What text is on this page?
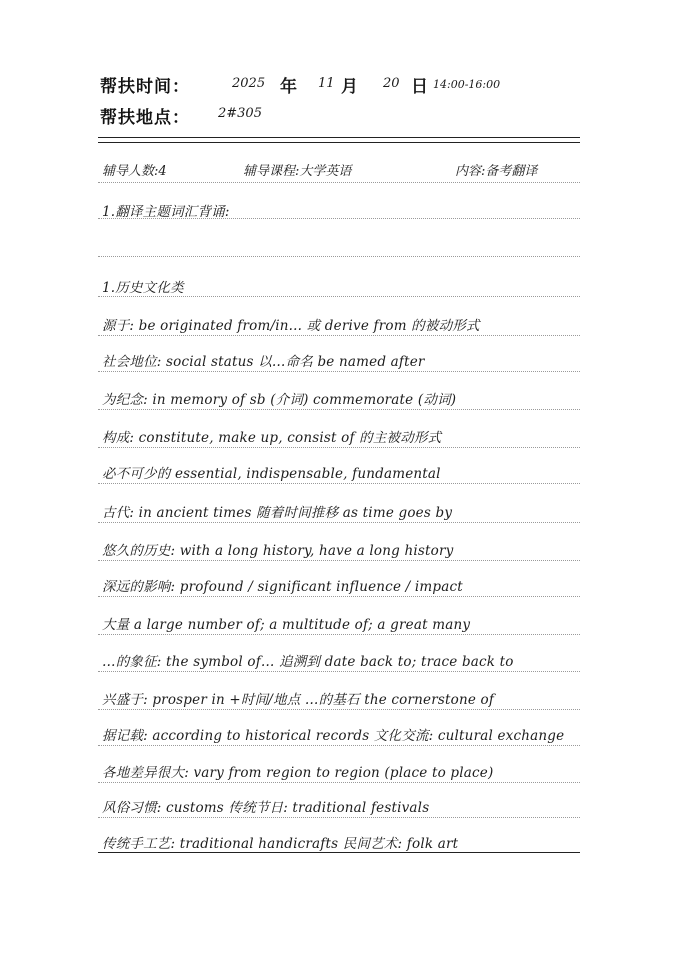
帮扶时间：
帮扶地点：
2025 年 11 月 20 日 14:00-16:00
2#305
辅导人数:4	辅导课程:大学英语	内容:备考翻译
1.翻译主题词汇背诵:
1.历史文化类
源于: be originated from/in... 或 derive from 的被动形式
社会地位: social status 以…命名 be named after
为纪念: in memory of sb (介词) commemorate (动词)
构成: constitute, make up, consist of 的主被动形式
必不可少的 essential, indispensable, fundamental
古代: in ancient times 随着时间推移 as time goes by
悠久的历史: with a long history, have a long history
深远的影响: profound / significant influence / impact
大量 a large number of; a multitude of; a great many
…的象征: the symbol of… 追溯到 date back to; trace back to
兴盛于: prosper in +时间/地点 …的基石 the cornerstone of
据记载: according to historical records 文化交流: cultural exchange
各地差异很大: vary from region to region (place to place)
风俗习惯: customs 传统节日: traditional festivals
传统手工艺: traditional handicrafts 民间艺术: folk art
